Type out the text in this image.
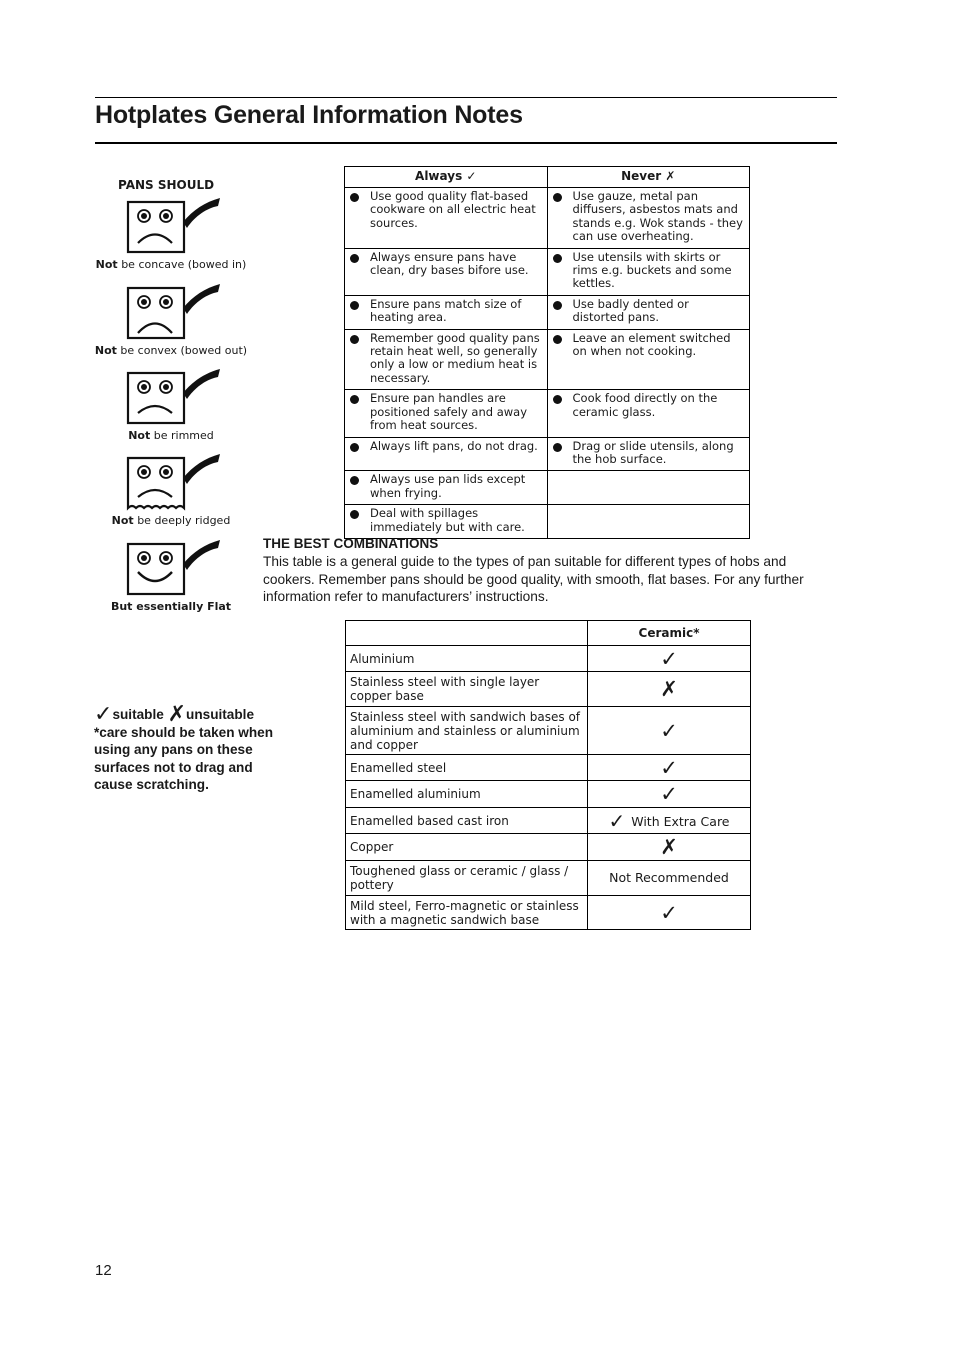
Hotplates General Information Notes
PANS SHOULD
Not be concave (bowed in)
Not be convex (bowed out)
Not be rimmed
Not be deeply ridged
But essentially Flat
Always ✓	Never ✗
Use good quality flat-based cookware on all electric heat sources.	Use gauze, metal pan diffusers, asbestos mats and stands e.g. Wok stands - they can use overheating.
Always ensure pans have clean, dry bases bifore use.	Use utensils with skirts or rims e.g. buckets and some kettles.
Ensure pans match size of heating area.	Use badly dented or distorted pans.
Remember good quality pans retain heat well, so generally only a low or medium heat is necessary.	Leave an element switched on when not cooking.
Ensure pan handles are positioned safely and away from heat sources.	Cook food directly on the ceramic glass.
Always lift pans, do not drag.	Drag or slide utensils, along the hob surface.
Always use pan lids except when frying.	
Deal with spillages immediately but with care.	
THE BEST COMBINATIONS
This table is a general guide to the types of pan suitable for different types of hobs and cookers. Remember pans should be good quality, with smooth, flat bases. For any further information refer to manufacturers’ instructions.
	Ceramic*
Aluminium	✓
Stainless steel with single layer copper base	✗
Stainless steel with sandwich bases of aluminium and stainless or aluminium and copper	✓
Enamelled steel	✓
Enamelled aluminium	✓
Enamelled based cast iron	✓ With Extra Care
Copper	✗
Toughened glass or ceramic / glass / pottery	Not Recommended
Mild steel, Ferro-magnetic or stainless with a magnetic sandwich base	✓
✓suitable ✗unsuitable
*care should be taken when using any pans on these surfaces not to drag and cause scratching.
12
